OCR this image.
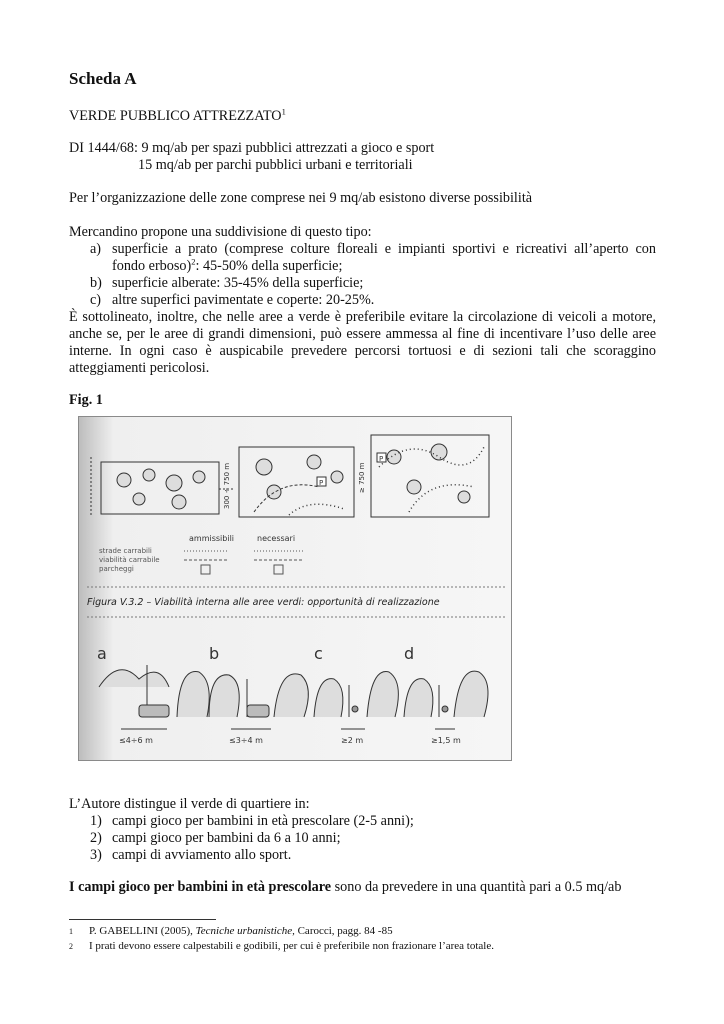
Scheda A
VERDE PUBBLICO ATTREZZATO$^1$
DI 1444/68: 9 mq/ab per spazi pubblici attrezzati a gioco e sport
15 mq/ab per parchi pubblici urbani e territoriali
Per l’organizzazione delle zone comprese nei 9 mq/ab esistono diverse possibilità
Mercandino propone una suddivisione di questo tipo:
a) superficie a prato (comprese colture floreali e impianti sportivi e ricreativi all’aperto con
fondo erboso)$^2$: 45-50% della superficie;
b) superficie alberate: 35-45% della superficie;
c) altre superfici pavimentate e coperte: 20-25%.
È sottolineato, inoltre, che nelle aree a verde è preferibile evitare la circolazione di veicoli a motore, anche se, per le aree di grandi dimensioni, può essere ammessa al fine di incentivare l’uso delle aree interne. In ogni caso è auspicabile prevedere percorsi tortuosi e di sezioni tali che scoraggino atteggiamenti pericolosi.
Fig. 1
P
300 ÷ 750 m
P
≥ 750 m
ammissibili	necessari
strade carrabili
viabilità carrabile
parcheggi
Figura V.3.2 – Viabilità interna alle aree verdi: opportunità di realizzazione
a
≤4÷6 m
b
≤3÷4 m
c
≥2 m
d
≥1,5 m
L’Autore distingue il verde di quartiere in:
1) campi gioco per bambini in età prescolare (2-5 anni);
2) campi gioco per bambini da 6 a 10 anni;
3) campi di avviamento allo sport.
I campi gioco per bambini in età prescolare sono da prevedere in una quantità pari a 0.5 mq/ab
1 P. GABELLINI (2005), Tecniche urbanistiche, Carocci, pagg. 84 -85
2 I prati devono essere calpestabili e godibili, per cui è preferibile non frazionare l’area totale.
